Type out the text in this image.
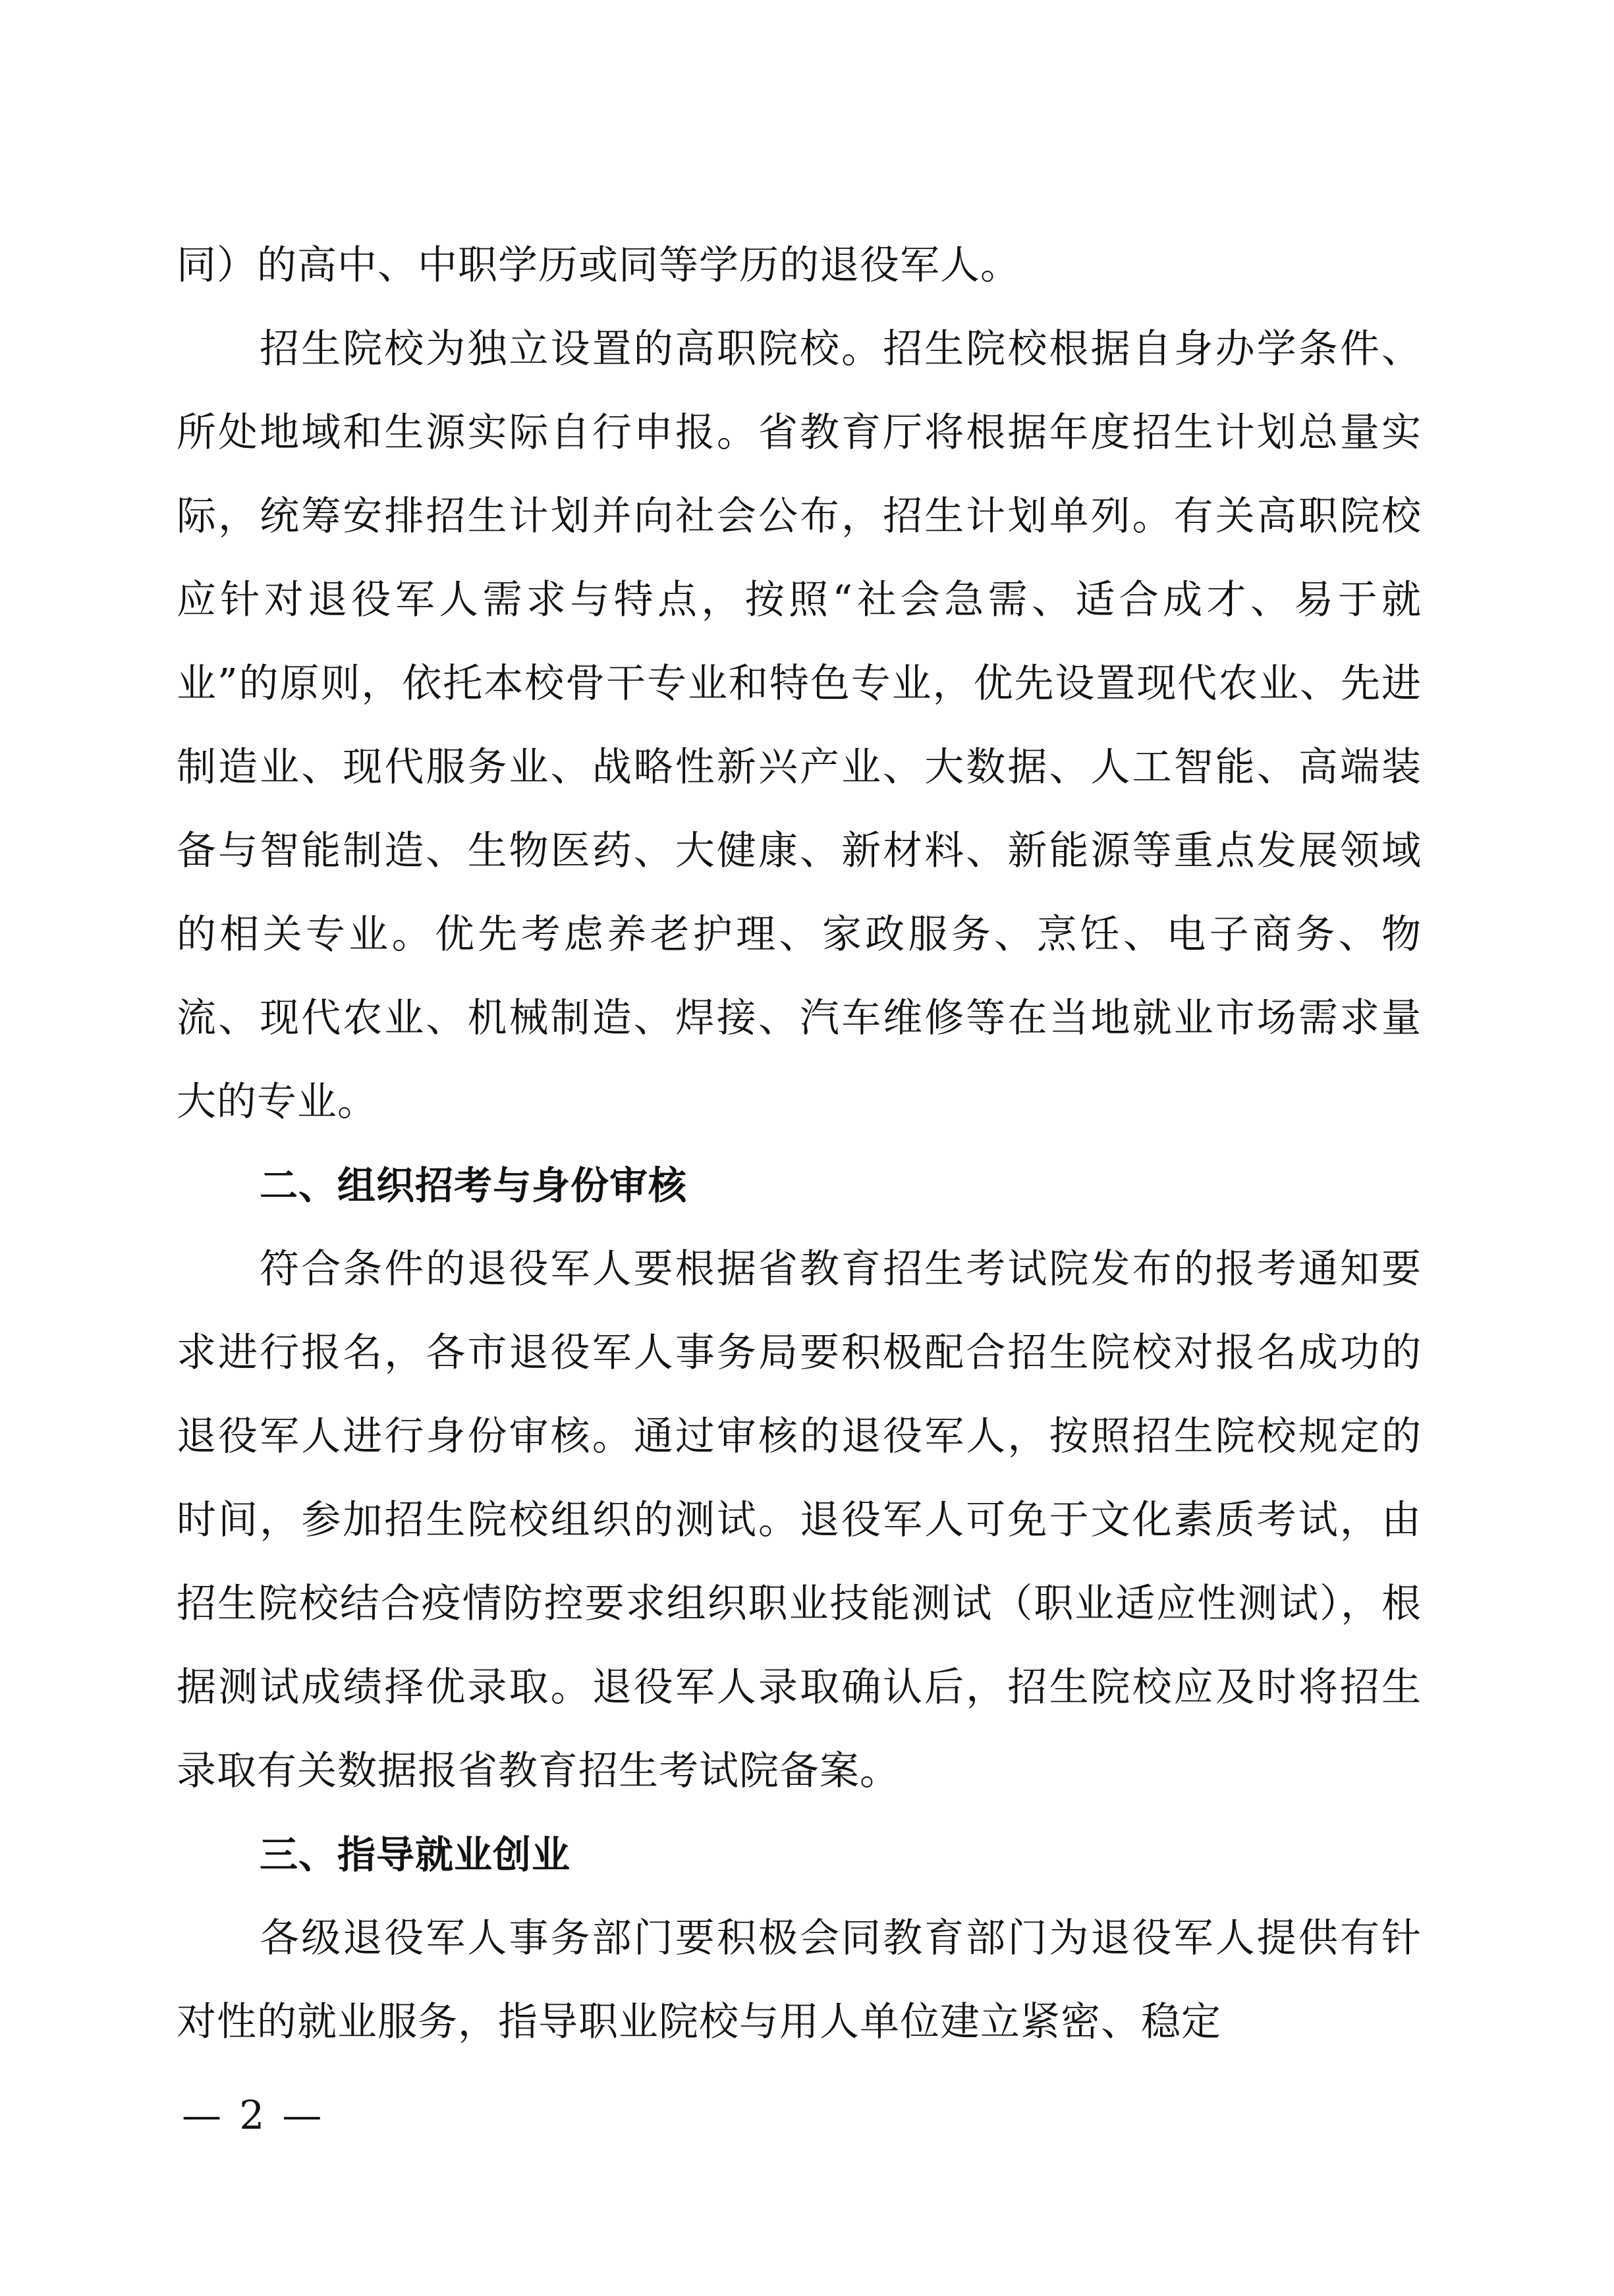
同）的高中、中职学历或同等学历的退役军人。

招生院校为独立设置的高职院校。招生院校根据自身办学条件、所处地域和生源实际自行申报。省教育厅将根据年度招生计划总量实际，统筹安排招生计划并向社会公布，招生计划单列。有关高职院校应针对退役军人需求与特点，按照“社会急需、适合成才、易于就业”的原则，依托本校骨干专业和特色专业，优先设置现代农业、先进制造业、现代服务业、战略性新兴产业、大数据、人工智能、高端装备与智能制造、生物医药、大健康、新材料、新能源等重点发展领域的相关专业。优先考虑养老护理、家政服务、烹饪、电子商务、物流、现代农业、机械制造、焊接、汽车维修等在当地就业市场需求量大的专业。

二、组织招考与身份审核

符合条件的退役军人要根据省教育招生考试院发布的报考通知要求进行报名，各市退役军人事务局要积极配合招生院校对报名成功的退役军人进行身份审核。通过审核的退役军人，按照招生院校规定的时间，参加招生院校组织的测试。退役军人可免于文化素质考试，由招生院校结合疫情防控要求组织职业技能测试（职业适应性测试），根据测试成绩择优录取。退役军人录取确认后，招生院校应及时将招生录取有关数据报省教育招生考试院备案。

三、指导就业创业

各级退役军人事务部门要积极会同教育部门为退役军人提供有针对性的就业服务，指导职业院校与用人单位建立紧密、稳定

— 2 —
